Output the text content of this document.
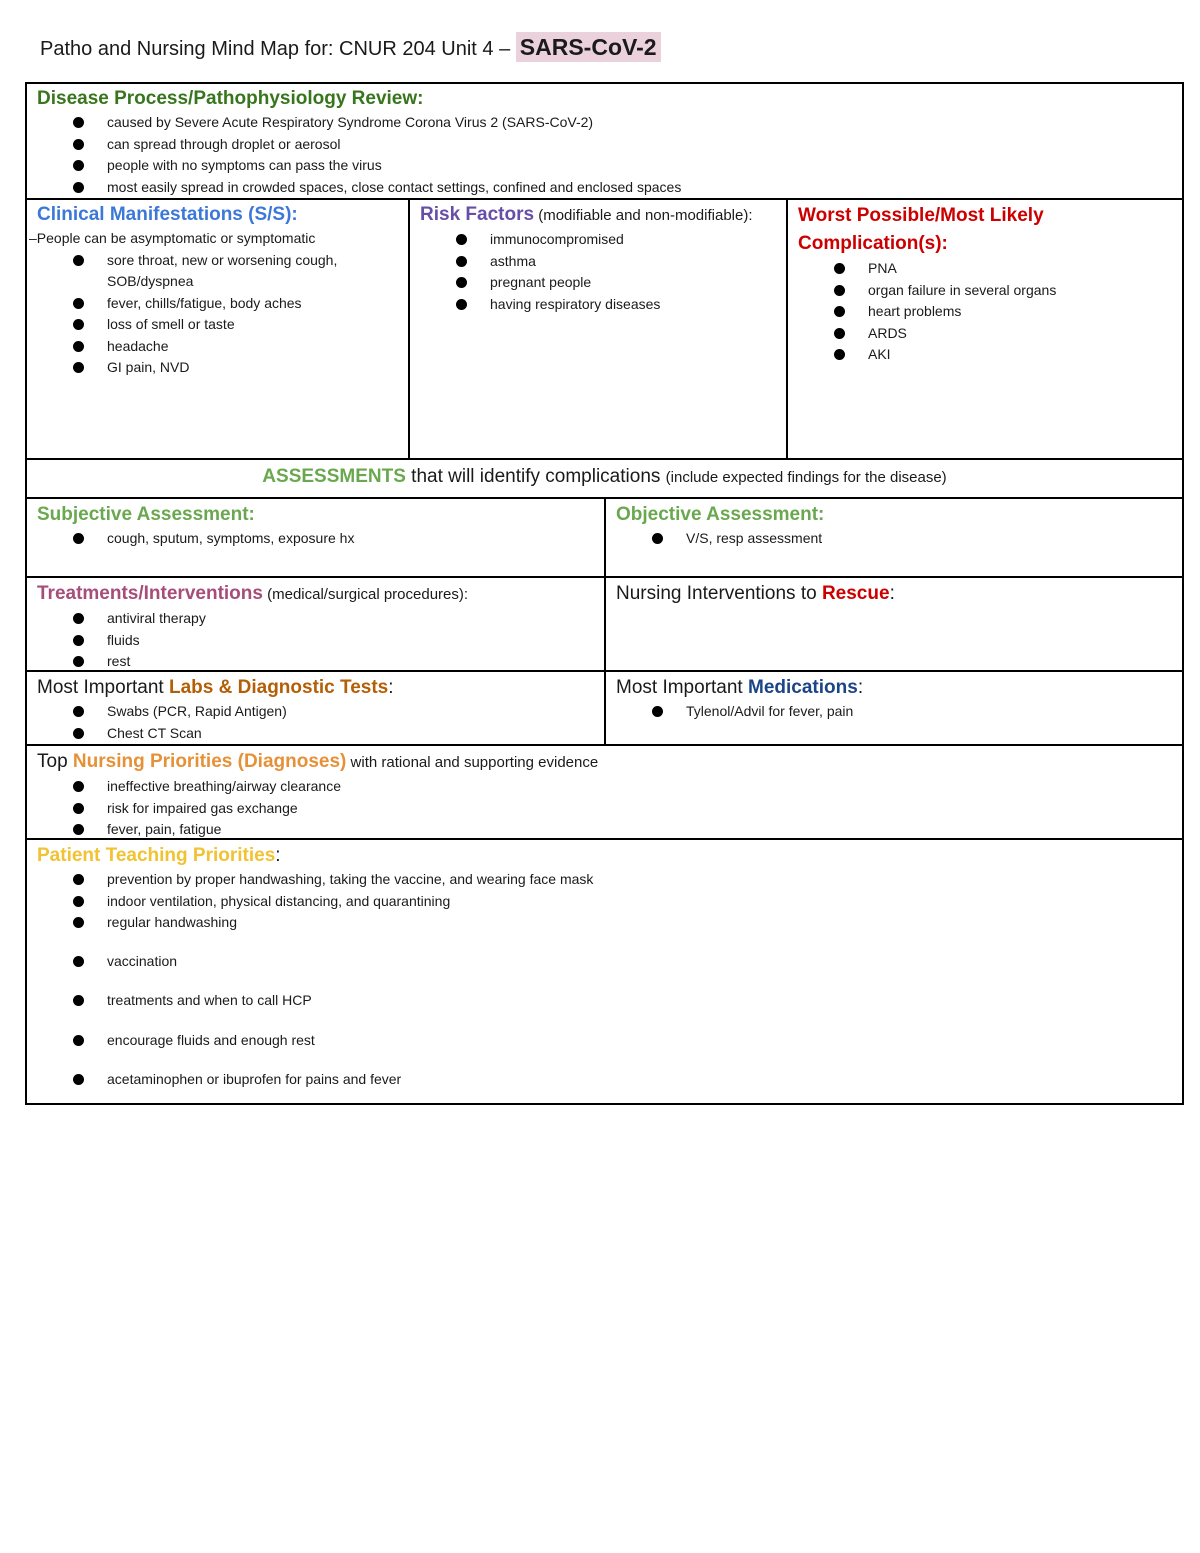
Patho and Nursing Mind Map for: CNUR 204 Unit 4 – SARS-CoV-2

Disease Process/Pathophysiology Review:

caused by Severe Acute Respiratory Syndrome Corona Virus 2 (SARS-CoV-2)
can spread through droplet or aerosol
people with no symptoms can pass the virus
most easily spread in crowded spaces, close contact settings, confined and enclosed spaces

Clinical Manifestations (S/S):

–People can be asymptomatic or symptomatic
sore throat, new or worsening cough, SOB/dyspnea
fever, chills/fatigue, body aches
loss of smell or taste
headache
GI pain, NVD

Risk Factors (modifiable and non-modifiable):

immunocompromised
asthma
pregnant people
having respiratory diseases

Worst Possible/Most Likely Complication(s):

PNA
organ failure in several organs
heart problems
ARDS
AKI
ASSESSMENTS that will identify complications (include expected findings for the disease)

Subjective Assessment:

cough, sputum, symptoms, exposure hx

Objective Assessment:

V/S, resp assessment

Treatments/Interventions (medical/surgical procedures):

antiviral therapy
fluids
rest

Nursing Interventions to Rescue:

Most Important Labs & Diagnostic Tests:

Swabs (PCR, Rapid Antigen)
Chest CT Scan

Most Important Medications:

Tylenol/Advil for fever, pain

Top Nursing Priorities (Diagnoses) with rational and supporting evidence

ineffective breathing/airway clearance
risk for impaired gas exchange
fever, pain, fatigue

Patient Teaching Priorities:

prevention by proper handwashing, taking the vaccine, and wearing face mask
indoor ventilation, physical distancing, and quarantining
regular handwashing
vaccination
treatments and when to call HCP
encourage fluids and enough rest
acetaminophen or ibuprofen for pains and fever
